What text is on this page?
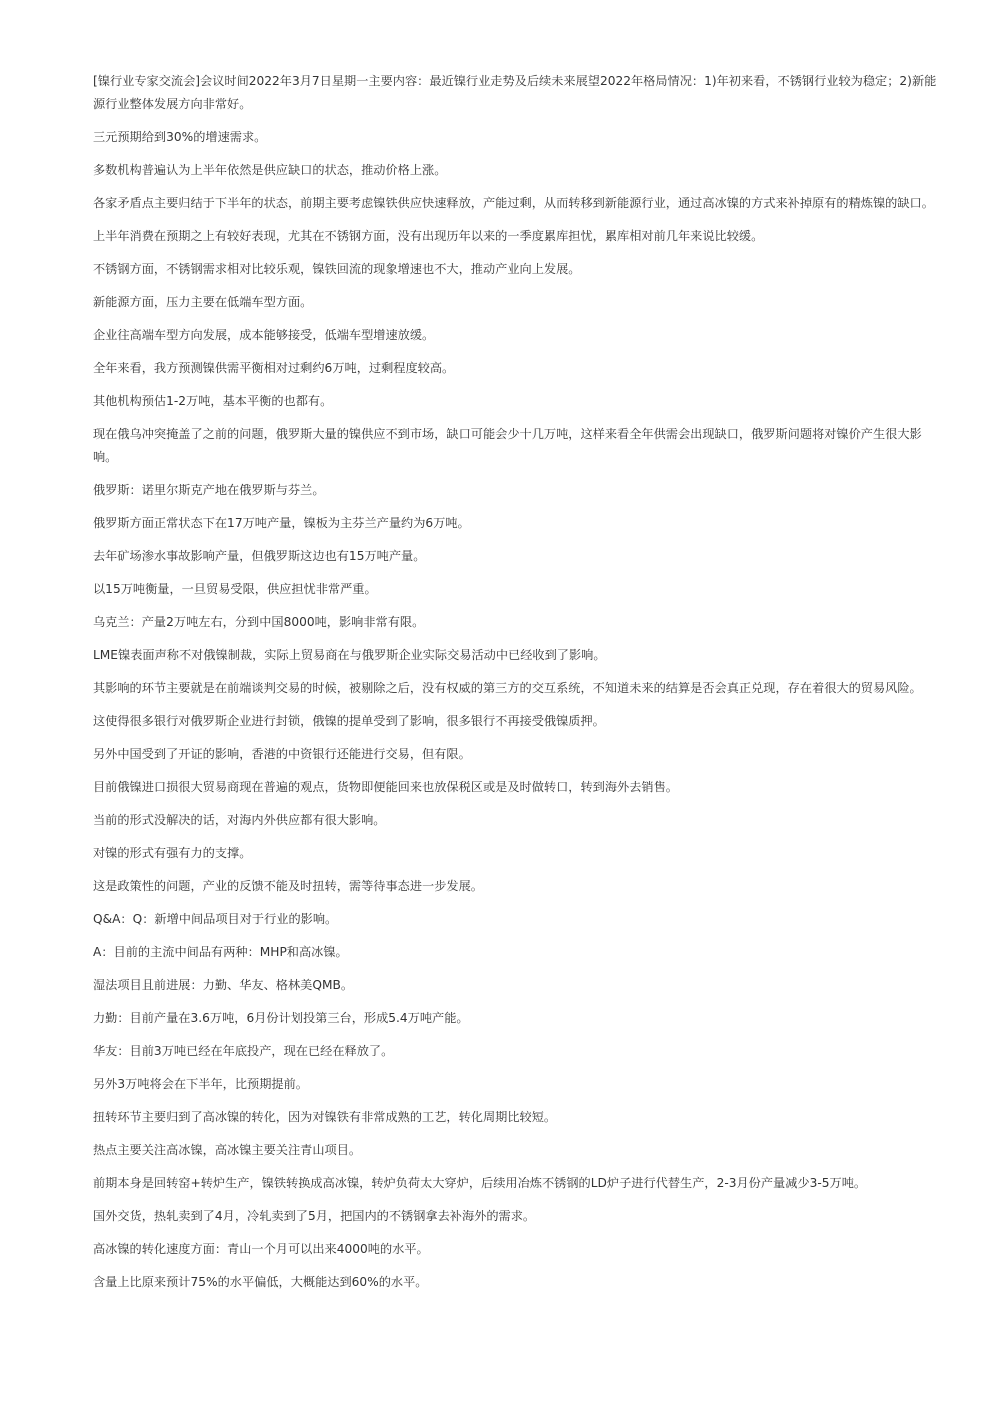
[镍行业专家交流会]会议时间2022年3月7日星期一主要内容：最近镍行业走势及后续未来展望2022年格局情况：1)年初来看，不锈钢行业较为稳定；2)新能源行业整体发展方向非常好。

三元预期给到30%的增速需求。

多数机构普遍认为上半年依然是供应缺口的状态，推动价格上涨。

各家矛盾点主要归结于下半年的状态，前期主要考虑镍铁供应快速释放，产能过剩，从而转移到新能源行业，通过高冰镍的方式来补掉原有的精炼镍的缺口。

上半年消费在预期之上有较好表现，尤其在不锈钢方面，没有出现历年以来的一季度累库担忧，累库相对前几年来说比较缓。

不锈钢方面，不锈钢需求相对比较乐观，镍铁回流的现象增速也不大，推动产业向上发展。

新能源方面，压力主要在低端车型方面。

企业往高端车型方向发展，成本能够接受，低端车型增速放缓。

全年来看，我方预测镍供需平衡相对过剩约6万吨，过剩程度较高。

其他机构预估1-2万吨，基本平衡的也都有。

现在俄乌冲突掩盖了之前的问题，俄罗斯大量的镍供应不到市场，缺口可能会少十几万吨，这样来看全年供需会出现缺口，俄罗斯问题将对镍价产生很大影响。

俄罗斯：诺里尔斯克产地在俄罗斯与芬兰。

俄罗斯方面正常状态下在17万吨产量，镍板为主芬兰产量约为6万吨。

去年矿场渗水事故影响产量，但俄罗斯这边也有15万吨产量。

以15万吨衡量，一旦贸易受限，供应担忧非常严重。

乌克兰：产量2万吨左右，分到中国8000吨，影响非常有限。

LME镍表面声称不对俄镍制裁，实际上贸易商在与俄罗斯企业实际交易活动中已经收到了影响。

其影响的环节主要就是在前端谈判交易的时候，被剔除之后，没有权威的第三方的交互系统，不知道未来的结算是否会真正兑现，存在着很大的贸易风险。

这使得很多银行对俄罗斯企业进行封锁，俄镍的提单受到了影响，很多银行不再接受俄镍质押。

另外中国受到了开证的影响，香港的中资银行还能进行交易，但有限。

目前俄镍进口损很大贸易商现在普遍的观点，货物即便能回来也放保税区或是及时做转口，转到海外去销售。

当前的形式没解决的话，对海内外供应都有很大影响。

对镍的形式有强有力的支撑。

这是政策性的问题，产业的反馈不能及时扭转，需等待事态进一步发展。

Q&A：Q：新增中间品项目对于行业的影响。

A：目前的主流中间品有两种：MHP和高冰镍。

湿法项目且前进展：力勤、华友、格林美QMB。

力勤：目前产量在3.6万吨，6月份计划投第三台，形成5.4万吨产能。

华友：目前3万吨已经在年底投产，现在已经在释放了。

另外3万吨将会在下半年，比预期提前。

扭转环节主要归到了高冰镍的转化，因为对镍铁有非常成熟的工艺，转化周期比较短。

热点主要关注高冰镍，高冰镍主要关注青山项目。

前期本身是回转窑+转炉生产，镍铁转换成高冰镍，转炉负荷太大穿炉，后续用冶炼不锈钢的LD炉子进行代替生产，2-3月份产量减少3-5万吨。

国外交货，热轧卖到了4月，冷轧卖到了5月，把国内的不锈钢拿去补海外的需求。

高冰镍的转化速度方面：青山一个月可以出来4000吨的水平。

含量上比原来预计75%的水平偏低，大概能达到60%的水平。
